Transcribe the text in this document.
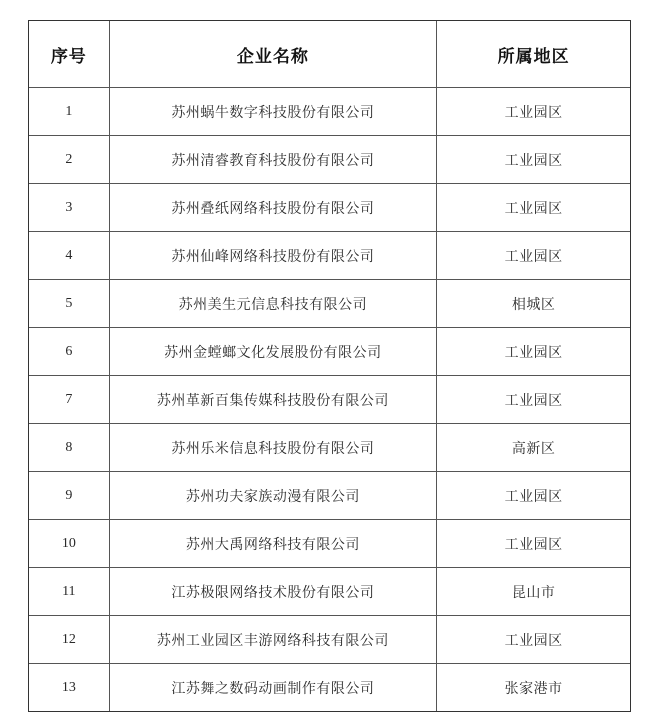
序号	企业名称	所属地区
1	苏州蜗牛数字科技股份有限公司	工业园区
2	苏州清睿教育科技股份有限公司	工业园区
3	苏州叠纸网络科技股份有限公司	工业园区
4	苏州仙峰网络科技股份有限公司	工业园区
5	苏州美生元信息科技有限公司	相城区
6	苏州金螳螂文化发展股份有限公司	工业园区
7	苏州革新百集传媒科技股份有限公司	工业园区
8	苏州乐米信息科技股份有限公司	高新区
9	苏州功夫家族动漫有限公司	工业园区
10	苏州大禹网络科技有限公司	工业园区
11	江苏极限网络技术股份有限公司	昆山市
12	苏州工业园区丰游网络科技有限公司	工业园区
13	江苏舞之数码动画制作有限公司	张家港市
